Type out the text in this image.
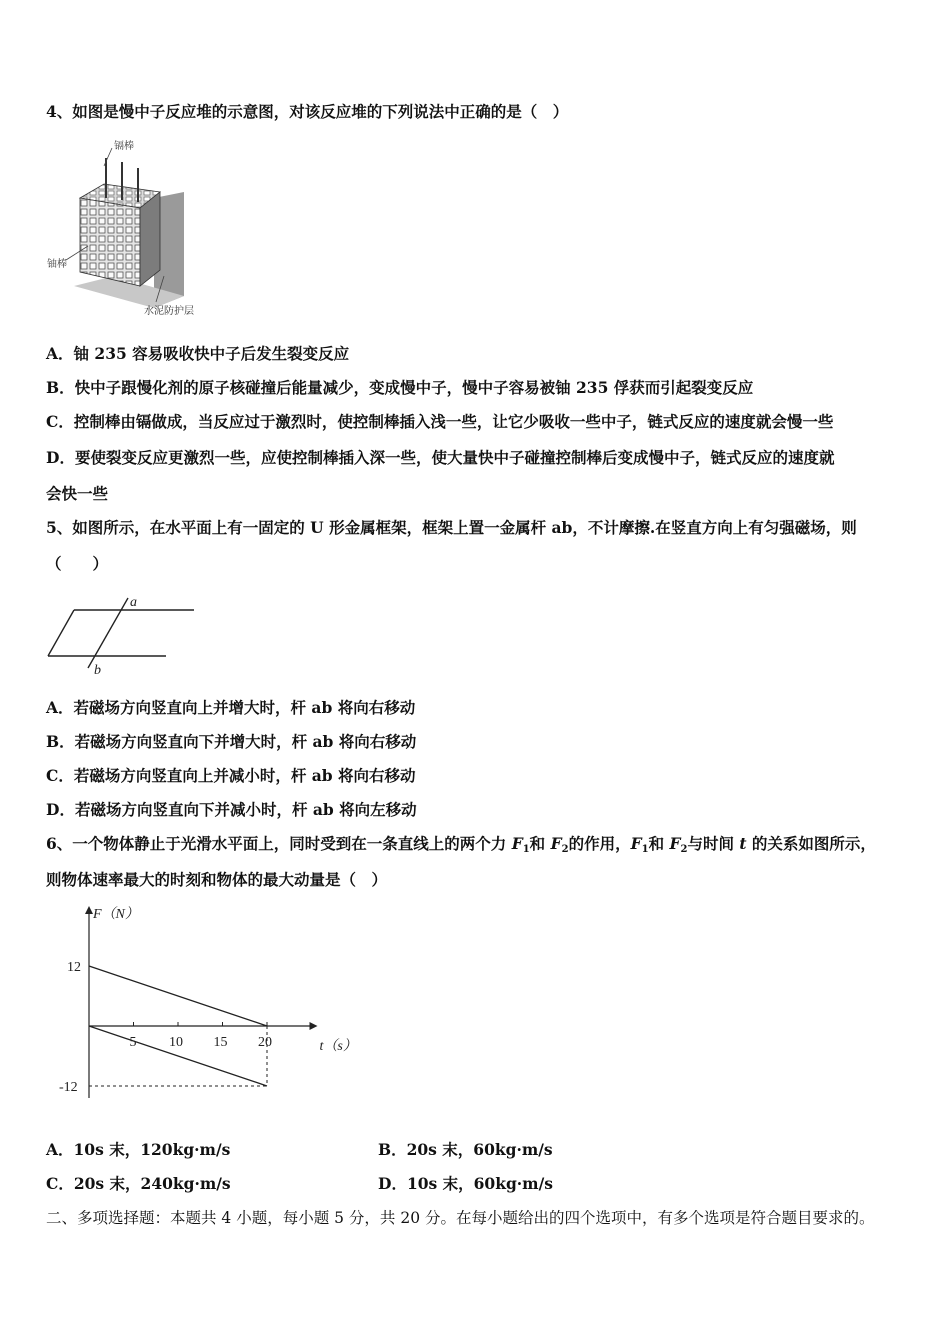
4、如图是慢中子反应堆的示意图，对该反应堆的下列说法中正确的是（　）
镉棒
铀棒
水泥防护层
A．铀 235 容易吸收快中子后发生裂变反应
B．快中子跟慢化剂的原子核碰撞后能量减少，变成慢中子，慢中子容易被铀 235 俘获而引起裂变反应
C．控制棒由镉做成，当反应过于激烈时，使控制棒插入浅一些，让它少吸收一些中子，链式反应的速度就会慢一些
D．要使裂变反应更激烈一些，应使控制棒插入深一些，使大量快中子碰撞控制棒后变成慢中子，链式反应的速度就
会快一些
5、如图所示，在水平面上有一固定的 U 形金属框架，框架上置一金属杆 ab，不计摩擦.在竖直方向上有匀强磁场，则
（　　）
a
b
A．若磁场方向竖直向上并增大时，杆 ab 将向右移动
B．若磁场方向竖直向下并增大时，杆 ab 将向右移动
C．若磁场方向竖直向上并减小时，杆 ab 将向右移动
D．若磁场方向竖直向下并减小时，杆 ab 将向左移动
6、一个物体静止于光滑水平面上，同时受到在一条直线上的两个力 $F_1$和 $F_2$的作用，$F_1$和 $F_2$与时间 t 的关系如图所示，
则物体速率最大的时刻和物体的最大动量是（　）
F（N）
t（s）
5 10 15 20
12
-12
A．10s 末，120kg·m/s	B．20s 末，60kg·m/s
C．20s 末，240kg·m/s	D．10s 末，60kg·m/s
二、多项选择题：本题共 4 小题，每小题 5 分，共 20 分。在每小题给出的四个选项中，有多个选项是符合题目要求的。
